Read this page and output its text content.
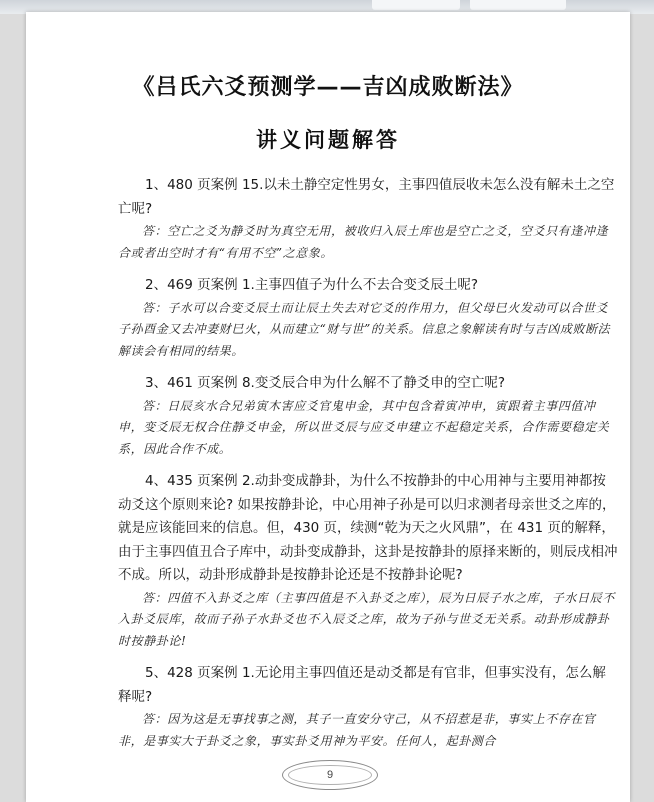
《吕氏六爻预测学——吉凶成败断法》
讲义问题解答

1、480 页案例 15.以未土静空定性男女，主事四值辰收未怎么没有解未土之空亡呢?

答：空亡之爻为静爻时为真空无用，被收归入辰土库也是空亡之爻，空爻只有逢冲逢合或者出空时才有“有用不空”之意象。

2、469 页案例 1.主事四值子为什么不去合变爻辰土呢?

答：子水可以合变爻辰土而让辰土失去对它爻的作用力，但父母巳火发动可以合世爻子孙酉金又去冲妻财巳火，从而建立“财与世”的关系。信息之象解读有时与吉凶成败断法解读会有相同的结果。

3、461 页案例 8.变爻辰合申为什么解不了静爻申的空亡呢?

答：日辰亥水合兄弟寅木害应爻官鬼申金，其中包含着寅冲申，寅跟着主事四值冲申，变爻辰无权合住静爻申金，所以世爻辰与应爻申建立不起稳定关系，合作需要稳定关系，因此合作不成。

4、435 页案例 2.动卦变成静卦，为什么不按静卦的中心用神与主要用神都按动爻这个原则来论? 如果按静卦论，中心用神子孙是可以归求测者母亲世爻之库的，就是应该能回来的信息。但，430 页，续测“乾为天之火风鼎”，在 431 页的解释，由于主事四值丑合子库中，动卦变成静卦，这卦是按静卦的原择来断的，则辰戌相冲不成。所以，动卦形成静卦是按静卦论还是不按静卦论呢?

答：四值不入卦爻之库（主事四值是不入卦爻之库），辰为日辰子水之库，子水日辰不入卦爻辰库，故而子孙子水卦爻也不入辰爻之库，故为子孙与世爻无关系。动卦形成静卦时按静卦论!

5、428 页案例 1.无论用主事四值还是动爻都是有官非，但事实没有，怎么解释呢?

答：因为这是无事找事之测，其子一直安分守己，从不招惹是非，事实上不存在官非，是事实大于卦爻之象，事实卦爻用神为平安。任何人，起卦测合

9
